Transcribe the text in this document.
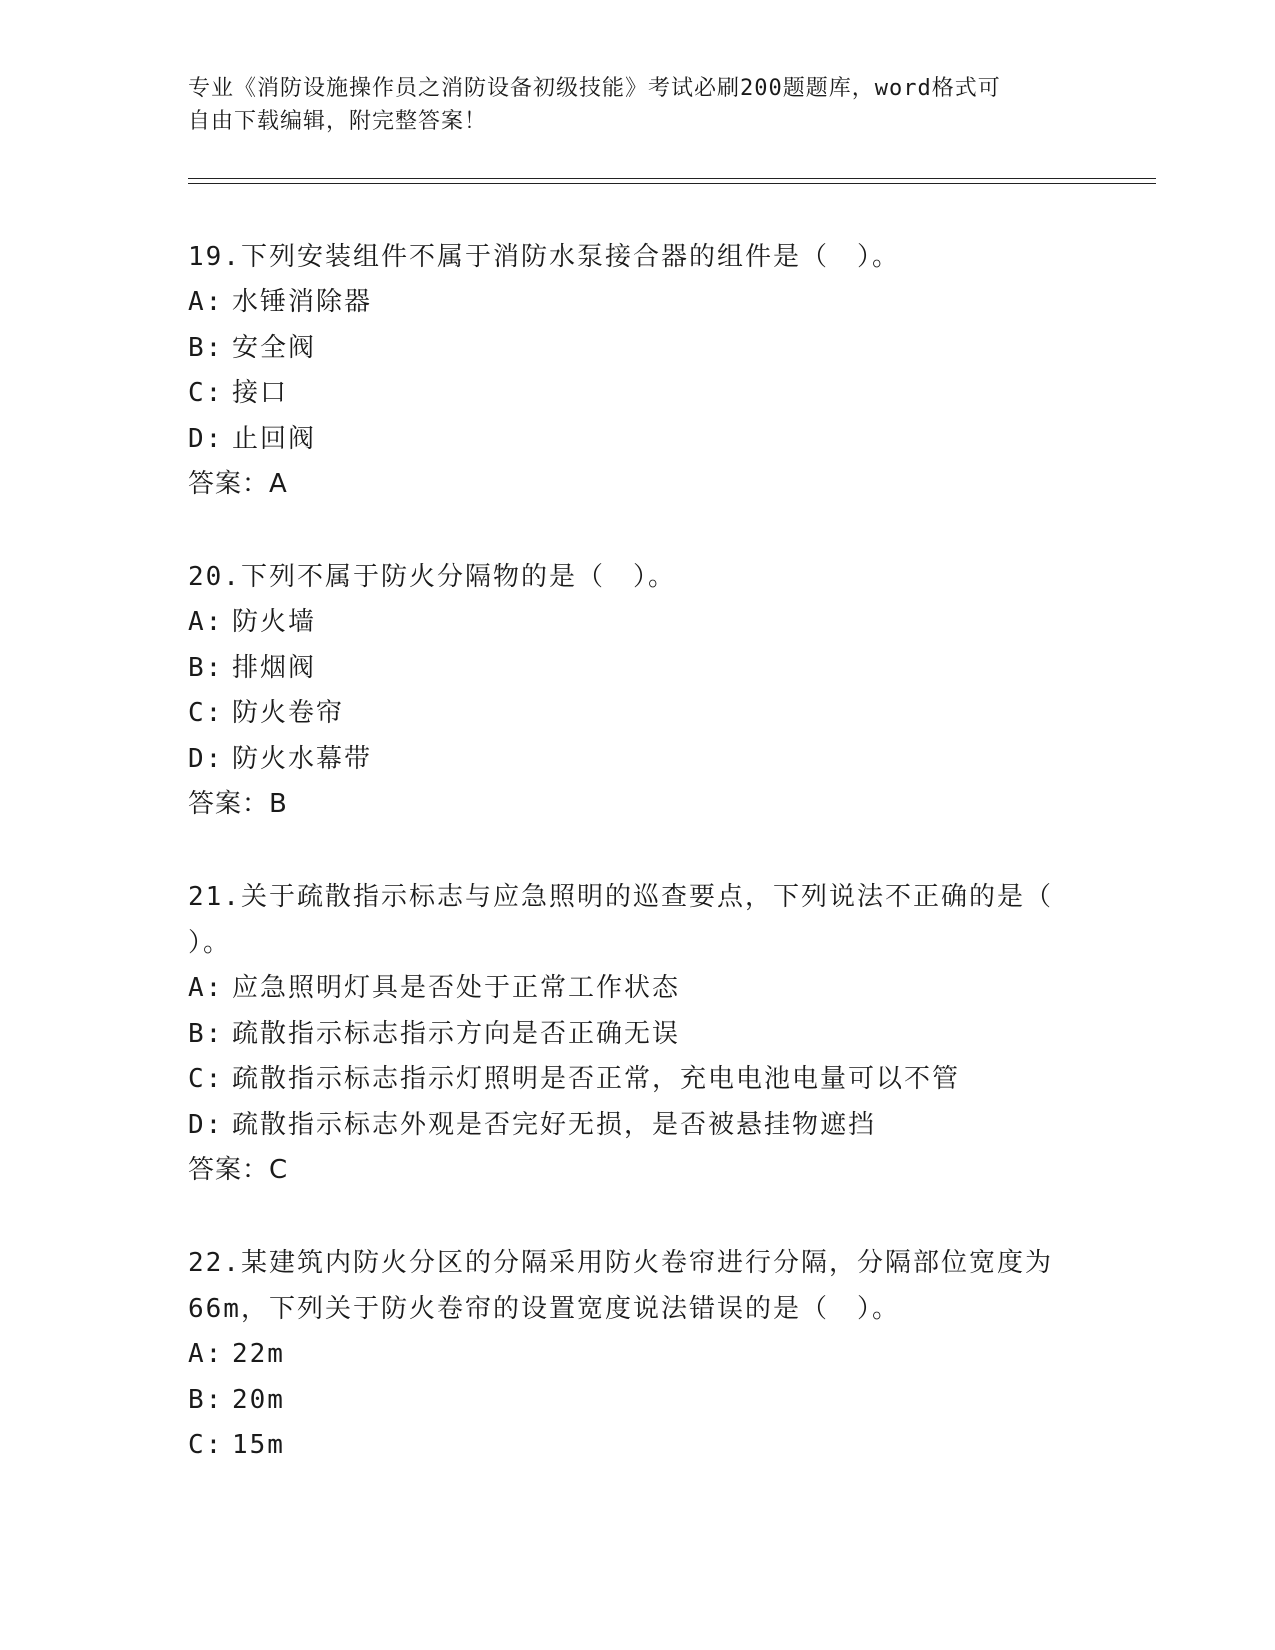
专业《消防设施操作员之消防设备初级技能》考试必刷200题题库，word格式可
自由下载编辑，附完整答案！

19.下列安装组件不属于消防水泵接合器的组件是（　）。

A: 水锤消除器

B: 安全阀

C: 接口

D: 止回阀

答案：A

20.下列不属于防火分隔物的是（　）。

A: 防火墙

B: 排烟阀

C: 防火卷帘

D: 防火水幕带

答案：B

21.关于疏散指示标志与应急照明的巡查要点，下列说法不正确的是（

）。

A: 应急照明灯具是否处于正常工作状态

B: 疏散指示标志指示方向是否正确无误

C: 疏散指示标志指示灯照明是否正常，充电电池电量可以不管

D: 疏散指示标志外观是否完好无损，是否被悬挂物遮挡

答案：C

22.某建筑内防火分区的分隔采用防火卷帘进行分隔，分隔部位宽度为

66m，下列关于防火卷帘的设置宽度说法错误的是（　）。

A: 22m

B: 20m

C: 15m
